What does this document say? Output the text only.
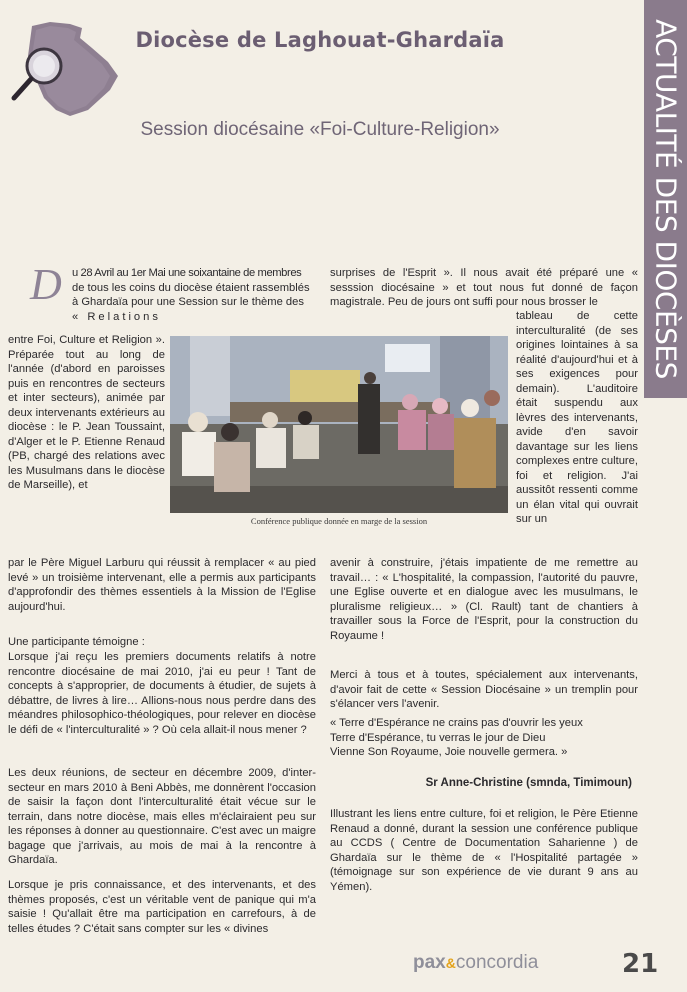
Diocèse de Laghouat-Ghardaïa
Session diocésaine «Foi-Culture-Religion»	ACTUALITÉ DES DIOCÈSES
D u 28 Avril au 1er Mai une soixantaine de membres
de tous les coins du diocèse étaient rassemblés
à Ghardaïa pour une Session sur le thème des
« Relations

entre Foi, Culture et Religion ». Préparée tout au long de l'année (d'abord en paroisses puis en rencontres de secteurs et inter secteurs), animée par deux intervenants extérieurs au diocèse : le P. Jean Toussaint, d'Alger et le P. Etienne Renaud (PB, chargé des relations avec les Musulmans dans le diocèse de Marseille), et

Conférence publique donnée en marge de la session

par le Père Miguel Larburu qui réussit à remplacer « au pied levé » un troisième intervenant, elle a permis aux participants d'approfondir des thèmes essentiels à la Mission de l'Eglise aujourd'hui.

Une participante témoigne :

Lorsque j'ai reçu les premiers documents relatifs à notre rencontre diocésaine de mai 2010, j'ai eu peur ! Tant de concepts à s'approprier, de documents à étudier, de sujets à débattre, de livres à lire… Allions-nous nous perdre dans des méandres philosophico-théologiques, pour relever en diocèse le défi de « l'interculturalité » ? Où cela allait-il nous mener ?

Les deux réunions, de secteur en décembre 2009, d'inter-secteur en mars 2010 à Beni Abbès, me donnèrent l'occasion de saisir la façon dont l'interculturalité était vécue sur le terrain, dans notre diocèse, mais elles m'éclairaient peu sur les réponses à donner au questionnaire. C'est avec un maigre bagage que j'arrivais, au mois de mai à la rencontre à Ghardaïa.

Lorsque je pris connaissance, et des intervenants, et des thèmes proposés, c'est un véritable vent de panique qui m'a saisie ! Qu'allait être ma participation en carrefours, à de telles études ? C'était sans compter sur les « divines

surprises de l'Esprit ». Il nous avait été préparé une « sesssion diocésaine » et tout nous fut donné de façon magistrale. Peu de jours ont suffi pour nous brosser le

tableau de cette interculturalité (de ses origines lointaines à sa réalité d'aujourd'hui et à ses exigences pour demain). L'auditoire était suspendu aux lèvres des intervenants, avide d'en savoir davantage sur les liens complexes entre culture, foi et religion. J'ai aussitôt ressenti comme un élan vital qui ouvrait sur un

avenir à construire, j'étais impatiente de me remettre au travail… : « L'hospitalité, la compassion, l'autorité du pauvre, une Eglise ouverte et en dialogue avec les musulmans, le pluralisme religieux… » (Cl. Rault) tant de chantiers à travailler sous la Force de l'Esprit, pour la construction du Royaume !

Merci à tous et à toutes, spécialement aux intervenants, d'avoir fait de cette « Session Diocésaine » un tremplin pour s'élancer vers l'avenir.

« Terre d'Espérance ne crains pas d'ouvrir les yeux
Terre d'Espérance, tu verras le jour de Dieu
Vienne Son Royaume, Joie nouvelle germera. »
Sr Anne-Christine (smnda, Timimoun)

Illustrant les liens entre culture, foi et religion, le Père Etienne Renaud a donné, durant la session une conférence publique au CCDS ( Centre de Documentation Saharienne ) de Ghardaïa sur le thème de « l'Hospitalité partagée » (témoignage sur son expérience de vie durant 9 ans au Yémen).

pax&concordia	21
